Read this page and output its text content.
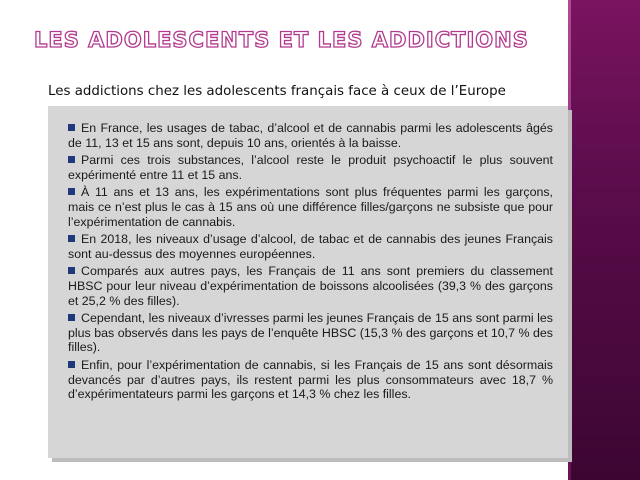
LES ADOLESCENTS ET LES ADDICTIONS

Les addictions chez les adolescents français face à ceux de l’Europe

En France, les usages de tabac, d’alcool et de cannabis parmi les adolescents âgés de 11, 13 et 15 ans sont, depuis 10 ans, orientés à la baisse.
Parmi ces trois substances, l’alcool reste le produit psychoactif le plus souvent expérimenté entre 11 et 15 ans.
À 11 ans et 13 ans, les expérimentations sont plus fréquentes parmi les garçons, mais ce n’est plus le cas à 15 ans où une différence filles/garçons ne subsiste que pour l’expérimentation de cannabis.
En 2018, les niveaux d’usage d’alcool, de tabac et de cannabis des jeunes Français sont au-dessus des moyennes européennes.
Comparés aux autres pays, les Français de 11 ans sont premiers du classement HBSC pour leur niveau d’expérimentation de boissons alcoolisées (39,3 % des garçons et 25,2 % des filles).
Cependant, les niveaux d’ivresses parmi les jeunes Français de 15 ans sont parmi les plus bas observés dans les pays de l’enquête HBSC (15,3 % des garçons et 10,7 % des filles).
Enfin, pour l’expérimentation de cannabis, si les Français de 15 ans sont désormais devancés par d’autres pays, ils restent parmi les plus consommateurs avec 18,7 % d’expérimentateurs parmi les garçons et 14,3 % chez les filles.
